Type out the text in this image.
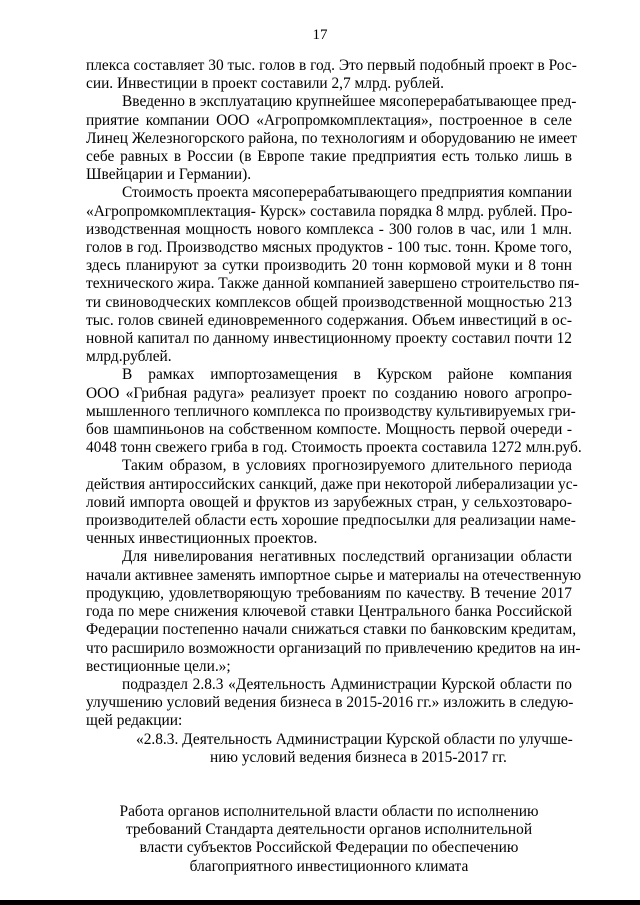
17
плекса составляет 30 тыс. голов в год. Это первый подобный проект в Рос-
сии. Инвестиции в проект составили 2,7 млрд. рублей.
Введенно в эксплуатацию крупнейшее мясоперерабатывающее пред-
приятие компании ООО «Агропромкомплектация», построенное в селе
Линец Железногорского района, по технологиям и оборудованию не имеет
себе равных в России (в Европе такие предприятия есть только лишь в
Швейцарии и Германии).
Стоимость проекта мясоперерабатывающего предприятия компании
«Агропромкомплектация- Курск» составила порядка 8 млрд. рублей. Про-
изводственная мощность нового комплекса - 300 голов в час, или 1 млн.
голов в год. Производство мясных продуктов - 100 тыс. тонн. Кроме того,
здесь планируют за сутки производить 20 тонн кормовой муки и 8 тонн
технического жира. Также данной компанией завершено строительство пя-
ти свиноводческих комплексов общей производственной мощностью 213
тыс. голов свиней единовременного содержания. Объем инвестиций в ос-
новной капитал по данному инвестиционному проекту составил почти 12
млрд.рублей.
В рамках импортозамещения в Курском районе компания
ООО «Грибная радуга» реализует проект по созданию нового агропро-
мышленного тепличного комплекса по производству культивируемых гри-
бов шампиньонов на собственном компосте. Мощность первой очереди -
4048 тонн свежего гриба в год. Стоимость проекта составила 1272 млн.руб.
Таким образом, в условиях прогнозируемого длительного периода
действия антироссийских санкций, даже при некоторой либерализации ус-
ловий импорта овощей и фруктов из зарубежных стран, у сельхозтоваро-
производителей области есть хорошие предпосылки для реализации наме-
ченных инвестиционных проектов.
Для нивелирования негативных последствий организации области
начали активнее заменять импортное сырье и материалы на отечественную
продукцию, удовлетворяющую требованиям по качеству. В течение 2017
года по мере снижения ключевой ставки Центрального банка Российской
Федерации постепенно начали снижаться ставки по банковским кредитам,
что расширило возможности организаций по привлечению кредитов на ин-
вестиционные цели.»;
подраздел 2.8.3 «Деятельность Администрации Курской области по
улучшению условий ведения бизнеса в 2015-2016 гг.» изложить в следую-
щей редакции:
«2.8.3. Деятельность Администрации Курской области по улучше-
нию условий ведения бизнеса в 2015-2017 гг.
Работа органов исполнительной власти области по исполнению
требований Стандарта деятельности органов исполнительной
власти субъектов Российской Федерации по обеспечению
благоприятного инвестиционного климата
